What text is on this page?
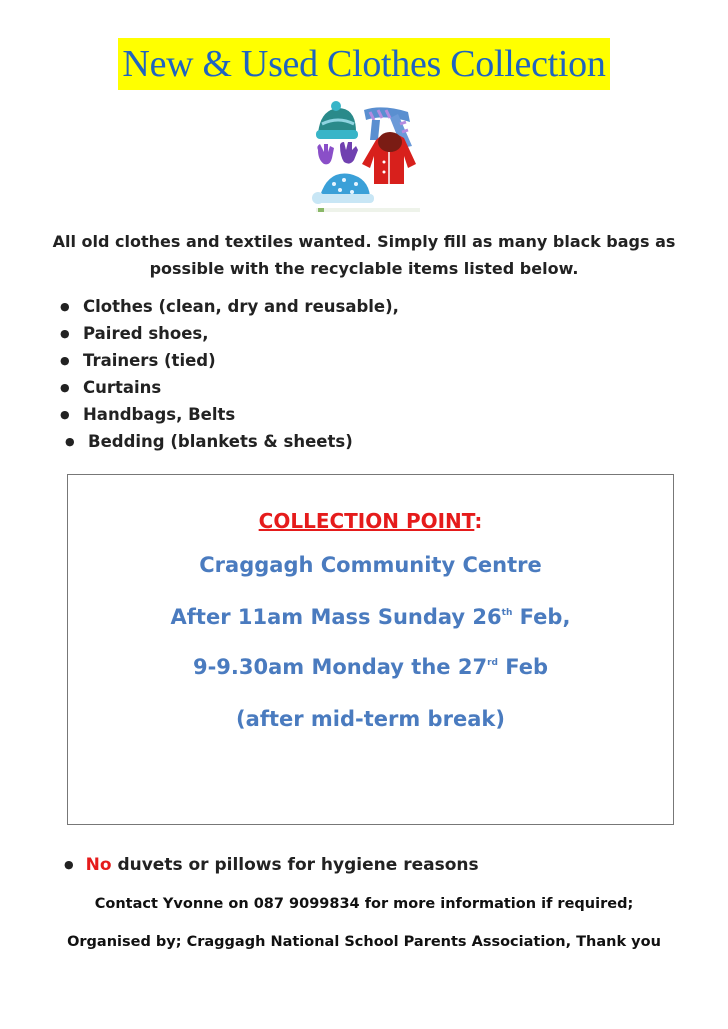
New & Used Clothes Collection
All old clothes and textiles wanted. Simply fill as many black bags as possible with the recyclable items listed below.
● Clothes (clean, dry and reusable),
● Paired shoes,
● Trainers (tied)
● Curtains
● Handbags, Belts
● Bedding (blankets & sheets)
COLLECTION POINT:
Craggagh Community Centre
After 11am Mass Sunday 26th Feb,
9-9.30am Monday the 27rd Feb
(after mid-term break)
● No duvets or pillows for hygiene reasons
Contact Yvonne on 087 9099834 for more information if required;
Organised by; Craggagh National School Parents Association, Thank you
